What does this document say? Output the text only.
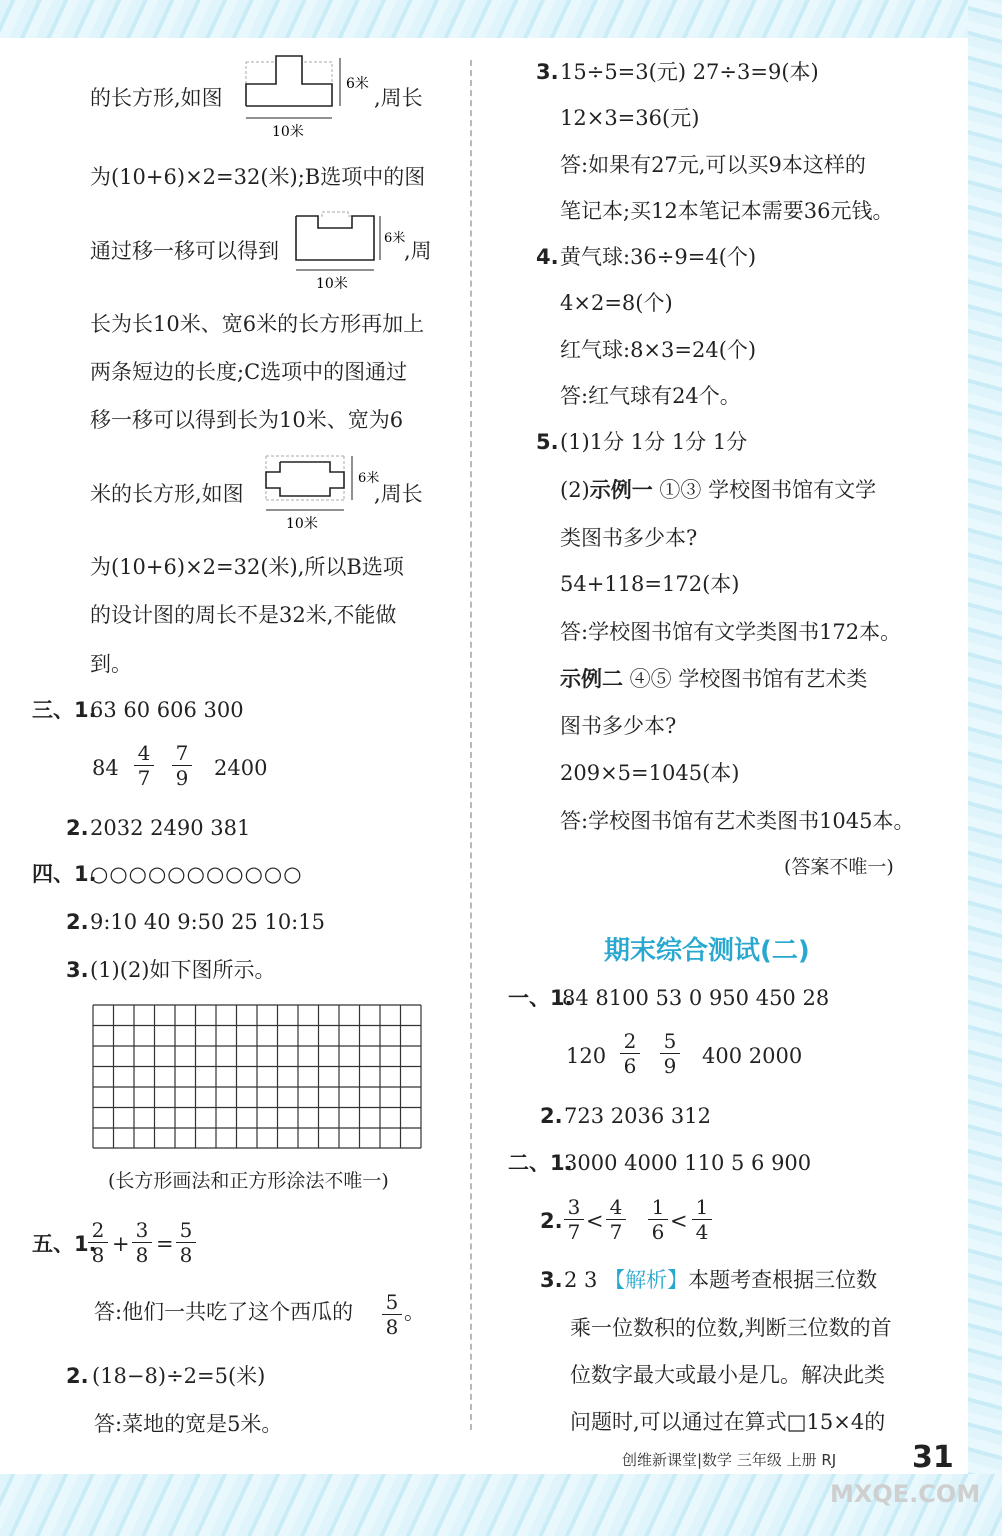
的长方形,如图
6米
10米
,周长
为(10+6)×2=32(米);B选项中的图
通过移一移可以得到
6米
10米
,周
长为长10米、宽6米的长方形再加上
两条短边的长度;C选项中的图通过
移一移可以得到长为10米、宽为6
米的长方形,如图
6米
10米
,周长
为(10+6)×2=32(米),所以B选项
的设计图的周长不是32米,不能做
到。
三、1.
63 60 606 300
$84 \frac{4}{7} \frac{7}{9} 2400$
2. 2032 2490 381
四、1.
○○○○○○○○○○○
2. 9:10 40 9:50 25 10:15
3. (1)(2)如下图所示。
(长方形画法和正方形涂法不唯一)
五、1.
$\frac{2}{8} + \frac{3}{8} = \frac{5}{8}$
答:他们一共吃了这个西瓜的 $\frac{5}{8}$ 。
2. (18−8)÷2=5(米)
答:菜地的宽是5米。
3. 15÷5=3(元) 27÷3=9(本)
12×3=36(元)
答:如果有27元,可以买9本这样的
笔记本;买12本笔记本需要36元钱。
4. 黄气球:36÷9=4(个)
4×2=8(个)
红气球:8×3=24(个)
答:红气球有24个。
5. (1)1分 1分 1分 1分
(2)示例一 ①③ 学校图书馆有文学
类图书多少本?
54+118=172(本)
答:学校图书馆有文学类图书172本。
示例二 ④⑤ 学校图书馆有艺术类
图书多少本?
209×5=1045(本)
答:学校图书馆有艺术类图书1045本。
(答案不唯一)
期末综合测试(二)
一、1.
84 8100 53 0 950 450 28
$120 \frac{2}{6} \frac{5}{9} 400$ 2000
2. 723 2036 312
二、1.
3000 4000 110 5 6 900
2. $\frac{3}{7} < \frac{4}{7} \frac{1}{6} < \frac{1}{4}$
3. 2 3 【解析】本题考查根据三位数
乘一位数积的位数,判断三位数的首
位数字最大或最小是几。解决此类
问题时,可以通过在算式□15×4的
创维新课堂|数学 三年级 上册 RJ	31
MXQE.COM
